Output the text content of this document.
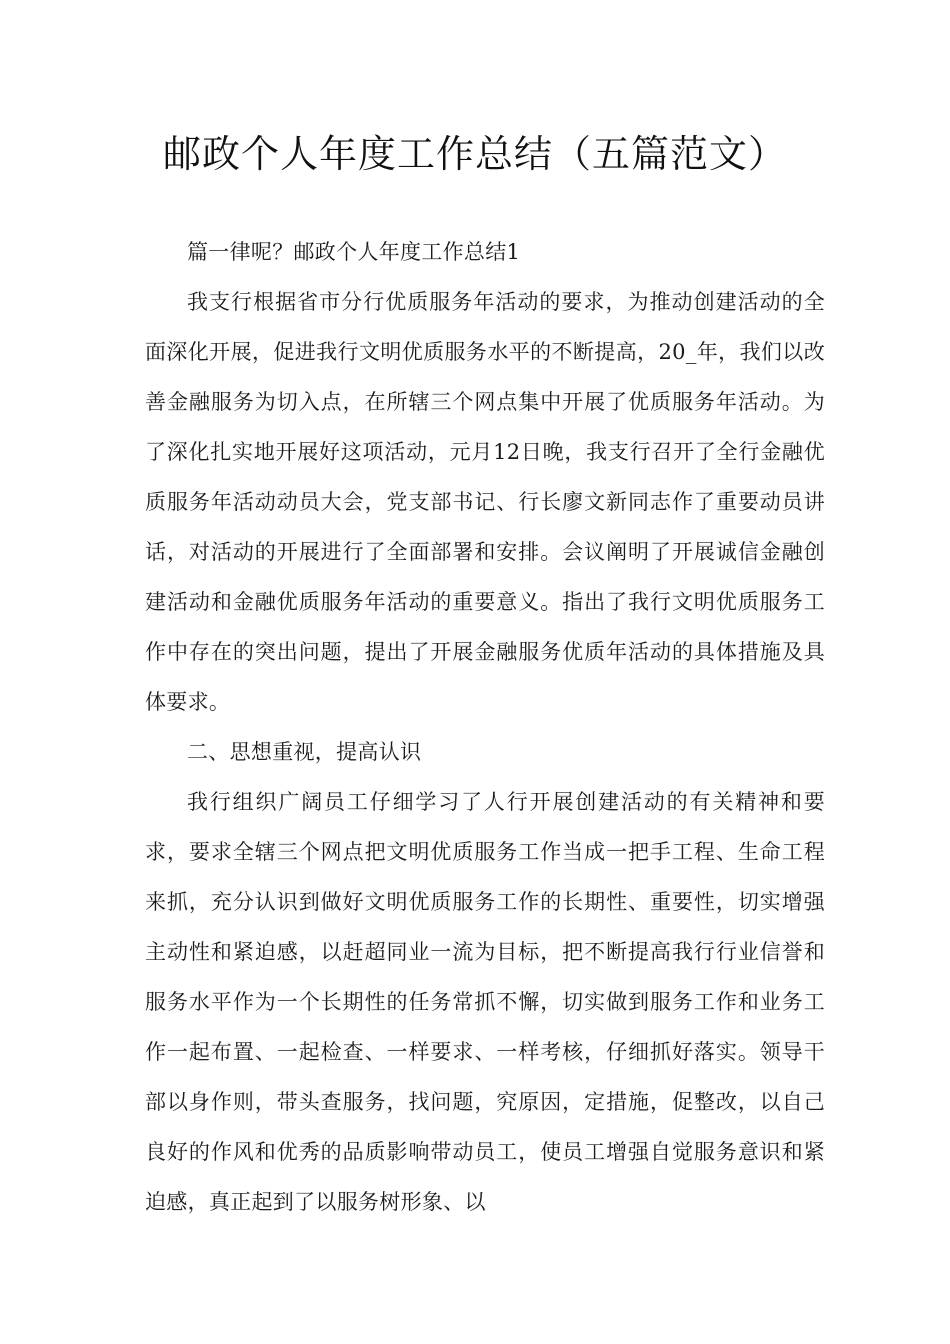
邮政个人年度工作总结（五篇范文）

篇一律呢？邮政个人年度工作总结1

我支行根据省市分行优质服务年活动的要求，为推动创建活动的全面深化开展，促进我行文明优质服务水平的不断提高，20_年，我们以改善金融服务为切入点，在所辖三个网点集中开展了优质服务年活动。为了深化扎实地开展好这项活动，元月12日晚，我支行召开了全行金融优质服务年活动动员大会，党支部书记、行长廖文新同志作了重要动员讲话，对活动的开展进行了全面部署和安排。会议阐明了开展诚信金融创建活动和金融优质服务年活动的重要意义。指出了我行文明优质服务工作中存在的突出问题，提出了开展金融服务优质年活动的具体措施及具体要求。

二、思想重视，提高认识

我行组织广阔员工仔细学习了人行开展创建活动的有关精神和要求，要求全辖三个网点把文明优质服务工作当成一把手工程、生命工程来抓，充分认识到做好文明优质服务工作的长期性、重要性，切实增强主动性和紧迫感，以赶超同业一流为目标，把不断提高我行行业信誉和服务水平作为一个长期性的任务常抓不懈，切实做到服务工作和业务工作一起布置、一起检查、一样要求、一样考核，仔细抓好落实。领导干部以身作则，带头查服务，找问题，究原因，定措施，促整改，以自己良好的作风和优秀的品质影响带动员工，使员工增强自觉服务意识和紧迫感，真正起到了以服务树形象、以
